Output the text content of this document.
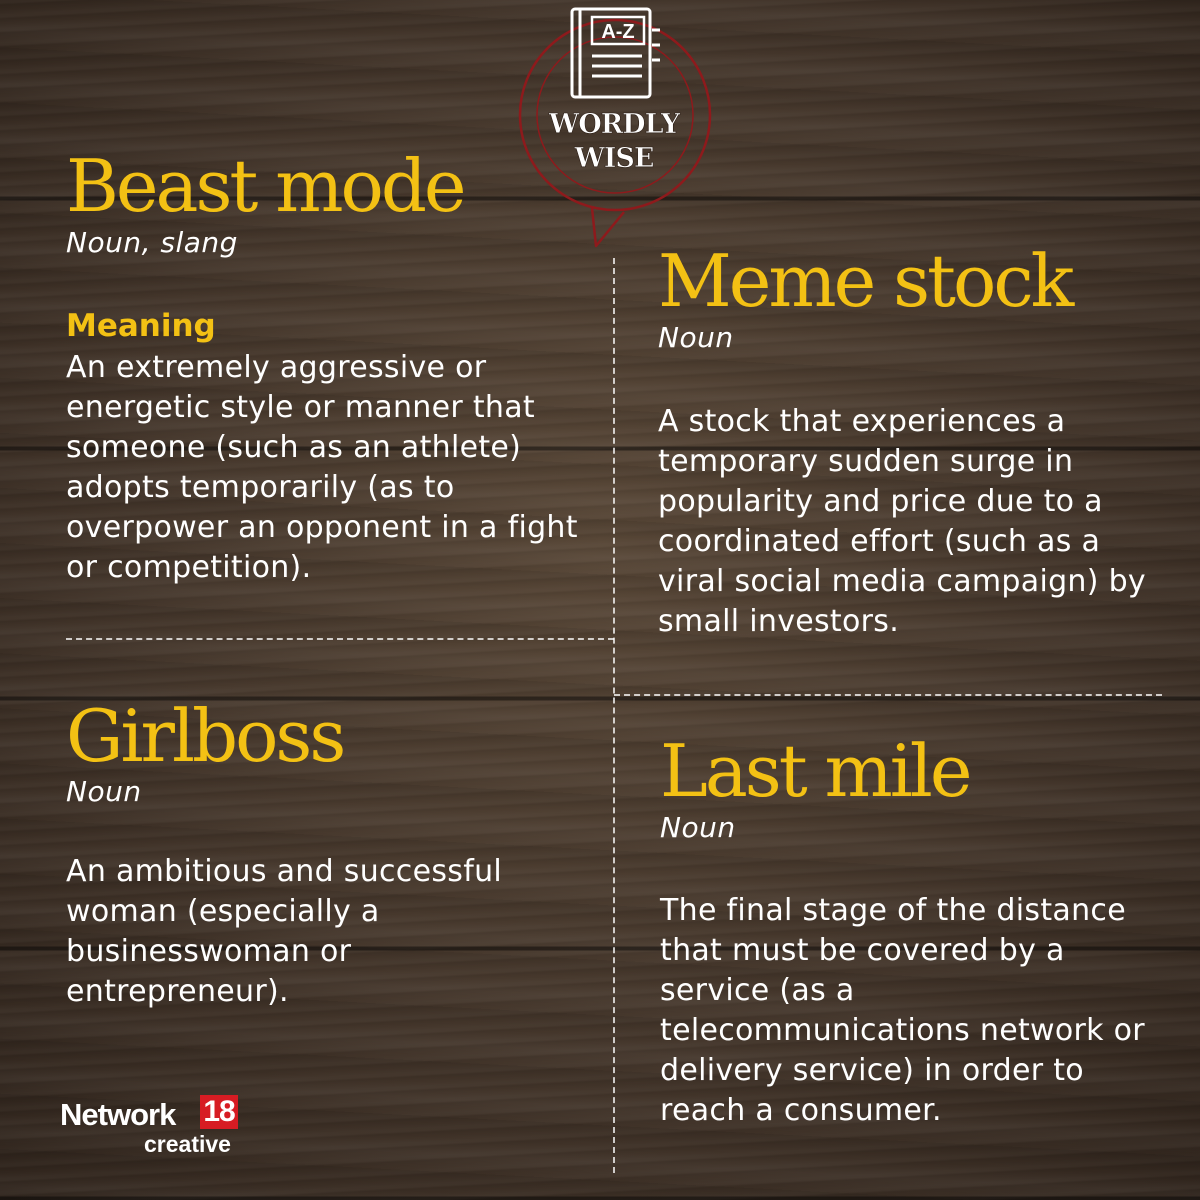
A-Z
WORDLY
WISE
Beast mode
Noun, slang
Meaning

An extremely aggressive or energetic style or manner that someone (such as an athlete) adopts temporarily (as to overpower an opponent in a fight or competition).

Meme stock
Noun

A stock that experiences a temporary sudden surge in popularity and price due to a coordinated effort (such as a viral social media campaign) by small investors.

Girlboss
Noun

An ambitious and successful woman (especially a businesswoman or entrepreneur).

Last mile
Noun

The final stage of the distance that must be covered by a service (as a telecommunications network or delivery service) in order to reach a consumer.

Network 18
creative
